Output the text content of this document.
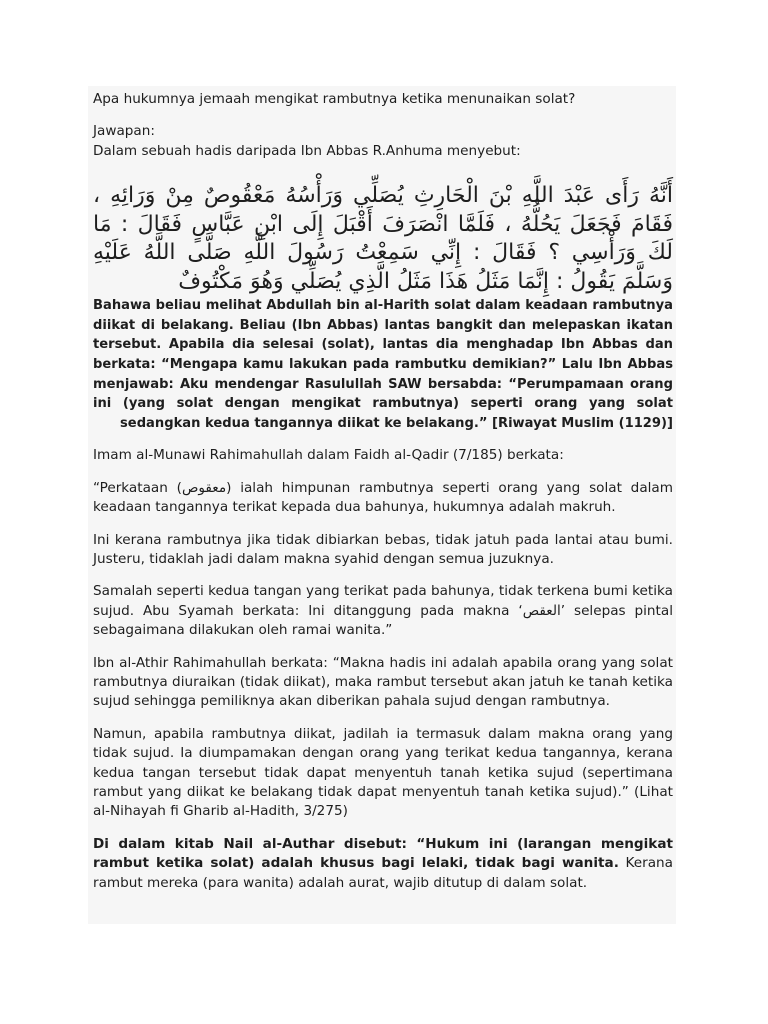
Apa hukumnya jemaah mengikat rambutnya ketika menunaikan solat?

Jawapan:

Dalam sebuah hadis daripada Ibn Abbas R.Anhuma menyebut:

أَنَّهُ رَأَى عَبْدَ اللَّهِ بْنَ الْحَارِثِ يُصَلِّي وَرَأْسُهُ مَعْقُوصٌ مِنْ وَرَائِهِ ، فَقَامَ فَجَعَلَ يَحُلُّهُ ، فَلَمَّا انْصَرَفَ أَقْبَلَ إِلَى ابْنِ عَبَّاسٍ فَقَالَ : مَا لَكَ وَرَأْسِي ؟ فَقَالَ : إِنِّي سَمِعْتُ رَسُولَ اللَّهِ صَلَّى اللَّهُ عَلَيْهِ وَسَلَّمَ يَقُولُ : إِنَّمَا مَثَلُ هَذَا مَثَلُ الَّذِي يُصَلِّي وَهُوَ مَكْتُوفٌ

Bahawa beliau melihat Abdullah bin al-Harith solat dalam keadaan rambutnya diikat di belakang. Beliau (Ibn Abbas) lantas bangkit dan melepaskan ikatan tersebut. Apabila dia selesai (solat), lantas dia menghadap Ibn Abbas dan berkata: “Mengapa kamu lakukan pada rambutku demikian?” Lalu Ibn Abbas menjawab: Aku mendengar Rasulullah SAW bersabda: “Perumpamaan orang ini (yang solat dengan mengikat rambutnya) seperti orang yang solat sedangkan kedua tangannya diikat ke belakang.” [Riwayat Muslim (1129)]

Imam al-Munawi Rahimahullah dalam Faidh al-Qadir (7/185) berkata:

“Perkataan (معقوص) ialah himpunan rambutnya seperti orang yang solat dalam keadaan tangannya terikat kepada dua bahunya, hukumnya adalah makruh.

Ini kerana rambutnya jika tidak dibiarkan bebas, tidak jatuh pada lantai atau bumi. Justeru, tidaklah jadi dalam makna syahid dengan semua juzuknya.

Samalah seperti kedua tangan yang terikat pada bahunya, tidak terkena bumi ketika sujud. Abu Syamah berkata: Ini ditanggung pada makna ‘العقص’ selepas pintal sebagaimana dilakukan oleh ramai wanita.”

Ibn al-Athir Rahimahullah berkata: “Makna hadis ini adalah apabila orang yang solat rambutnya diuraikan (tidak diikat), maka rambut tersebut akan jatuh ke tanah ketika sujud sehingga pemiliknya akan diberikan pahala sujud dengan rambutnya.

Namun, apabila rambutnya diikat, jadilah ia termasuk dalam makna orang yang tidak sujud. Ia diumpamakan dengan orang yang terikat kedua tangannya, kerana kedua tangan tersebut tidak dapat menyentuh tanah ketika sujud (sepertimana rambut yang diikat ke belakang tidak dapat menyentuh tanah ketika sujud).” (Lihat al-Nihayah fi Gharib al-Hadith, 3/275)

Di dalam kitab Nail al-Authar disebut: “Hukum ini (larangan mengikat rambut ketika solat) adalah khusus bagi lelaki, tidak bagi wanita. Kerana rambut mereka (para wanita) adalah aurat, wajib ditutup di dalam solat.
